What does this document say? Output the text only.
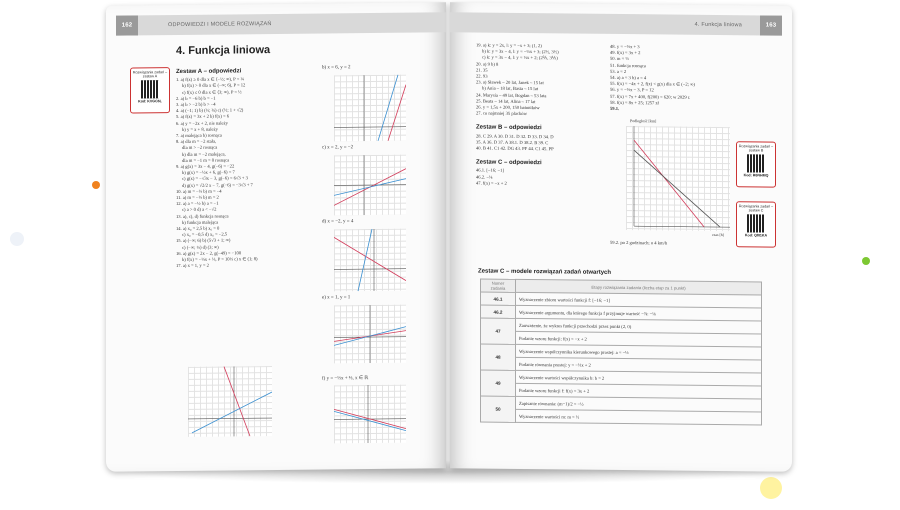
162	ODPOWIEDZI I MODELE ROZWIĄZAŃ
4. Funkcja liniowa
Rozwiązania zadań – zestaw A
Kod: KVGC6L
Zestaw A – odpowiedzi
1. a) f(x) ≥ 0 dla x ∈ ⟨−½; ∞), P = ¼
b) f(x) > 0 dla x ∈ (−∞; 6), P = 12
c) f(x) ≤ 0 dla x ∈ ⟨3; ∞), P = ½
2. a) b = −6 b) b = −1
3. a) b > −2 b) b > −4
4. a) (−1; 1) b) (½; ¾) c) (½; 1 + √2)
5. a) f(x) = 3x + 2 b) f(x) = 6
6. a) y = −2x + 2, nie należy
b) y = x + 8, należy
7. a) malejąca b) rosnąca
8. a) dla m = −2 stała,
dla m > −2 rosnąca
b) dla m = −2 malejąca,
dla m = −1 m = 0 rosnąca
9. a) g(x) = 3x − 4, g(−6) = −22
b) g(x) = −½x + 6, g(−6) = 7
c) g(x) = −√3x − 3, g(−6) = 6√3 + 3
d) g(x) = √2/2 x − 7, g(−6) = −3√3 + 7
10. a) m = −⅓ b) m = −4
11. a) m = −⅓ b) m = 2
12. a) a = −½ b) a = −1
c) a > 0 d) a < −√2
13. a), c), d) funkcja rosnąca
b) funkcja malejąca
14. a) x₀ = 2,5 b) x₀ = 0
c) x₀ = −0,5 d) x₀ = −2,5
15. a) (−∞; 6) b) (5√3 + 1; ∞)
c) (−∞; ½) d) (3; ∞)
16. a) g(x) = 2x − 2, g(−49) = −100
b) f(x) = −⅓x + ⅓, P = 10⅓ c) x ∈ (1; 8)
17. a) x = 1, y = 2
b) x = 6, y = 2
c) x = 2, y = −2
d) x = −2, y = 4
e) x = 1, y = 1
f) y = −⅓x + ⅔, x ∈ ℝ
4. Funkcja liniowa	163
19. a) k: y = 2x, l: y = −x + 3; (1, 2)
b) k: y = 3x − 4, l: y = −½x + 3; (2½, 3½)
c) k: y = 3x − 4, l: y = ½x + 2; (2⅖, 3⅕)
20. a) 9 b) 8
21. 35
22. 93
23. a) Sławek – 20 lat, Janek – 15 lat
b) Ania – 18 lat, Basia – 15 lat
24. Marysia – 49 lat, Bogdan – 53 lata
25. Beata – 14 lat, Alina – 17 lat
26. y = 1,5x + 200, 150 batoników
27. co najmniej 35 placków
Zestaw B – odpowiedzi
28. C 29. A 30. D 31. D 32. D 33. D 34. D
35. A 36. D 37. A 38.1. D 38.2. B 39. C
40. B 41. C1 42. DG 43. PF 44. C1 45. PP
Zestaw C – odpowiedzi
46.1. [−16; −1]
46.2. −⅛
47. f(x) = −x + 2
48. y = −⅓x + 3
49. f(x) = 3x + 2
50. m = ½
51. funkcja rosnąca
53. a = 2
54. a) a = 3 b) a = 4
55. f(x) = −4x + 2, f(x) < g(x) dla x ∈ (−2; ∞)
56. y = −⅓x − 3, P = 12
57. f(x) = 7x + 400, f(200) = 620; w 2029 r.
58. f(x) = 8x + 25; 1257 zł
59.1.
Podległość [km]
czas [h]
59.2. po 2 godzinach; o 4 km/h
Rozwiązania zadań – zestaw B
Kod: R6NHMQ
Rozwiązania zadań – zestaw C
Kod: Q8I1KA
Zestaw C – modele rozwiązań zadań otwartych
Numer zadania	Etapy rozwiązania zadania (liczba etap za 1 punkt)
46.1	Wyznaczenie zbioru wartości funkcji f: [−16; −1]
46.2	Wyznaczenie argumentu, dla którego funkcja f przyjmuje wartość −⅞: −⅛
47	Zauważenie, że wykres funkcji przechodzi przez punkt (2, 0)
	Podanie wzoru funkcji: f(x) = −x + 2
48	Wyznaczenie współczynnika kierunkowego prostej: a = −⅓
	Podanie równania prostej: y = −⅓x + 2
49	Wyznaczenie wartości współczynnika b: b = 2
	Podanie wzoru funkcji f: f(x) = 3x + 2
50	Zapisanie równania: (m−1)/2 = −½
	Wyznaczenie wartości m: m = ½
